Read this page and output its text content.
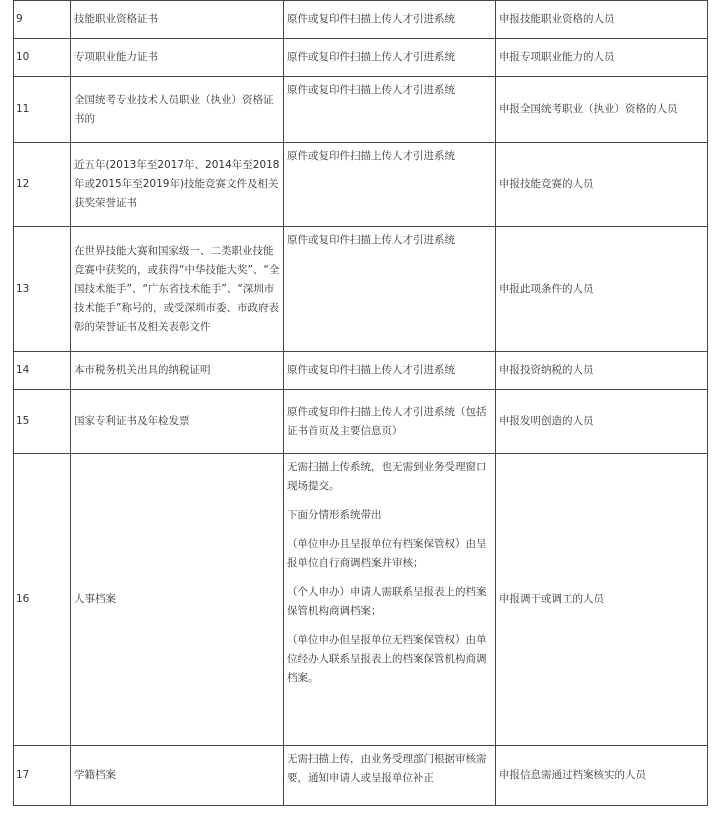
9	技能职业资格证书	原件或复印件扫描上传人才引进系统	申报技能职业资格的人员
10	专项职业能力证书	原件或复印件扫描上传人才引进系统	申报专项职业能力的人员
11	全国统考专业技术人员职业（执业）资格证书的	原件或复印件扫描上传人才引进系统	申报全国统考职业（执业）资格的人员
12	近五年(2013年至2017年、2014年至2018年或2015年至2019年)技能竞赛文件及相关获奖荣誉证书	原件或复印件扫描上传人才引进系统	申报技能竞赛的人员
13	在世界技能大赛和国家级一、二类职业技能竞赛中获奖的，或获得“中华技能大奖”、“全国技术能手”、“广东省技术能手”、“深圳市技术能手”称号的，或受深圳市委、市政府表彰的荣誉证书及相关表彰文件	原件或复印件扫描上传人才引进系统	申报此项条件的人员
14	本市税务机关出具的纳税证明	原件或复印件扫描上传人才引进系统	申报投资纳税的人员
15	国家专利证书及年检发票	原件或复印件扫描上传人才引进系统（包括证书首页及主要信息页）	申报发明创造的人员
16	人事档案	无需扫描上传系统，也无需到业务受理窗口现场提交。
下面分情形系统带出
（单位申办且呈报单位有档案保管权）由呈报单位自行商调档案并审核；
（个人申办）申请人需联系呈报表上的档案保管机构商调档案；
（单位申办但呈报单位无档案保管权）由单位经办人联系呈报表上的档案保管机构商调档案。	申报调干或调工的人员
17	学籍档案	无需扫描上传，由业务受理部门根据审核需要，通知申请人或呈报单位补正	申报信息需通过档案核实的人员
